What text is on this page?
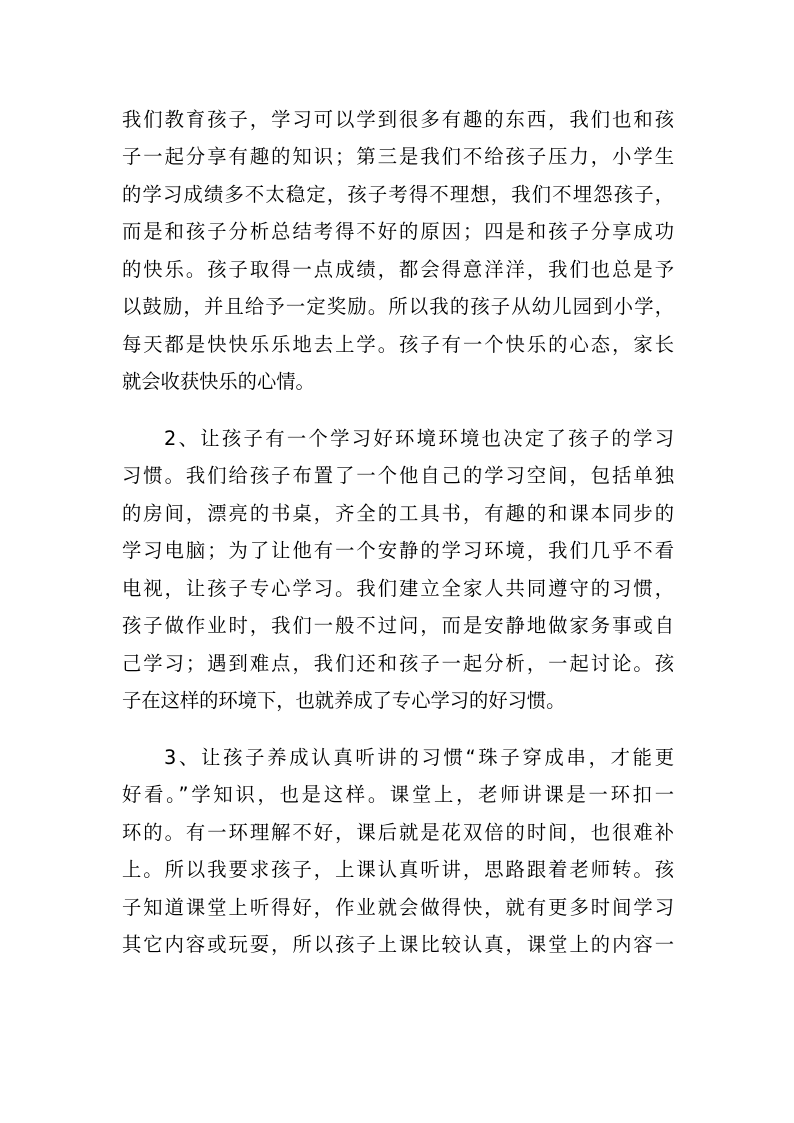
我们教育孩子，学习可以学到很多有趣的东西，我们也和孩
子一起分享有趣的知识；第三是我们不给孩子压力，小学生
的学习成绩多不太稳定，孩子考得不理想，我们不埋怨孩子，
而是和孩子分析总结考得不好的原因；四是和孩子分享成功
的快乐。孩子取得一点成绩，都会得意洋洋，我们也总是予
以鼓励，并且给予一定奖励。所以我的孩子从幼儿园到小学，
每天都是快快乐乐地去上学。孩子有一个快乐的心态，家长
就会收获快乐的心情。
2、让孩子有一个学习好环境环境也决定了孩子的学习
习惯。我们给孩子布置了一个他自己的学习空间，包括单独
的房间，漂亮的书桌，齐全的工具书，有趣的和课本同步的
学习电脑；为了让他有一个安静的学习环境，我们几乎不看
电视，让孩子专心学习。我们建立全家人共同遵守的习惯，
孩子做作业时，我们一般不过问，而是安静地做家务事或自
己学习；遇到难点，我们还和孩子一起分析，一起讨论。孩
子在这样的环境下，也就养成了专心学习的好习惯。
3、让孩子养成认真听讲的习惯“珠子穿成串，才能更
好看。”学知识，也是这样。课堂上，老师讲课是一环扣一
环的。有一环理解不好，课后就是花双倍的时间，也很难补
上。所以我要求孩子，上课认真听讲，思路跟着老师转。孩
子知道课堂上听得好，作业就会做得快，就有更多时间学习
其它内容或玩耍，所以孩子上课比较认真，课堂上的内容一
